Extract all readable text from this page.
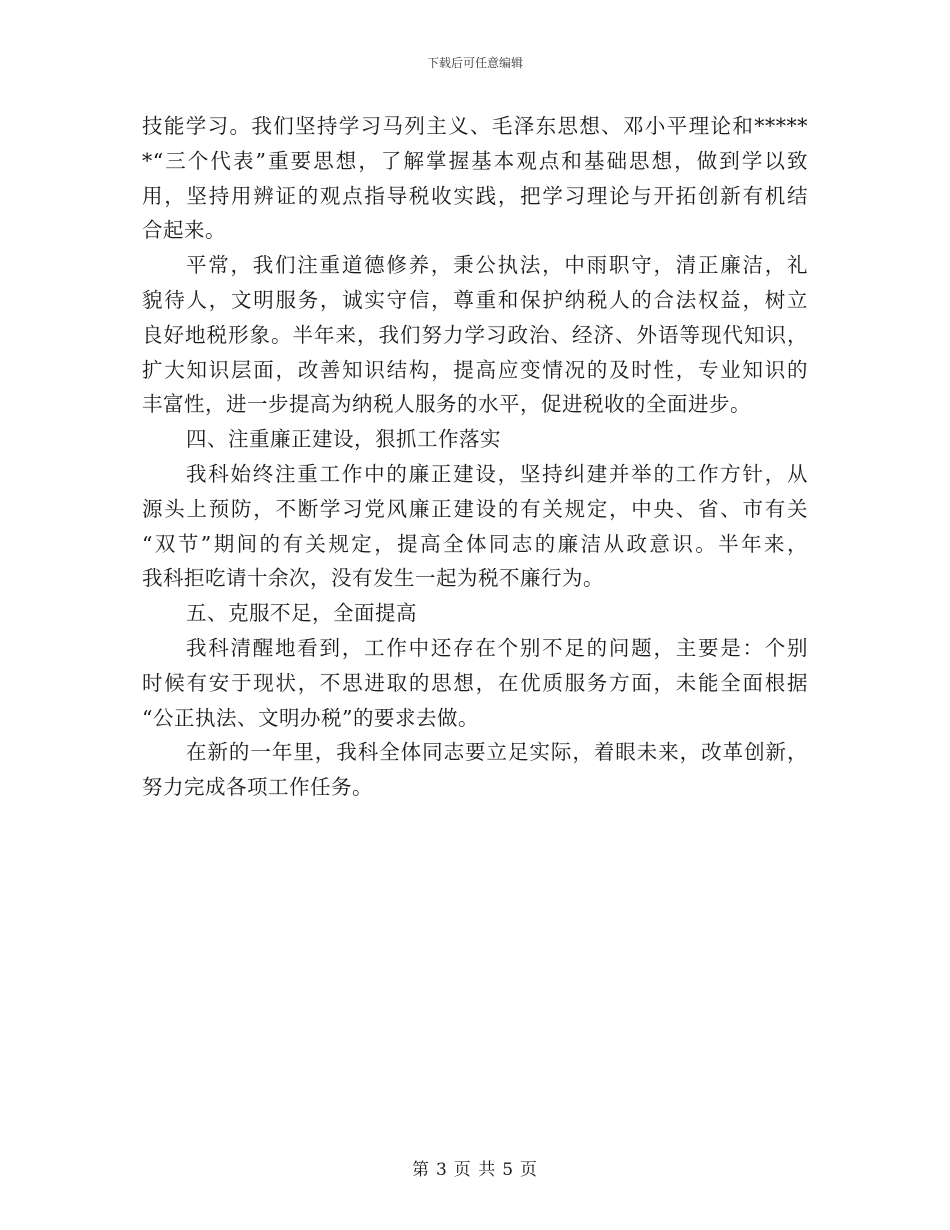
下载后可任意编辑
技能学习。我们坚持学习马列主义、毛泽东思想、邓小平理论和*****
*“三个代表”重要思想，了解掌握基本观点和基础思想，做到学以致
用，坚持用辨证的观点指导税收实践，把学习理论与开拓创新有机结
合起来。
平常，我们注重道德修养，秉公执法，中雨职守，清正廉洁，礼
貌待人，文明服务，诚实守信，尊重和保护纳税人的合法权益，树立
良好地税形象。半年来，我们努力学习政治、经济、外语等现代知识，
扩大知识层面，改善知识结构，提高应变情况的及时性，专业知识的
丰富性，进一步提高为纳税人服务的水平，促进税收的全面进步。
四、注重廉正建设，狠抓工作落实
我科始终注重工作中的廉正建设，坚持纠建并举的工作方针，从
源头上预防，不断学习党风廉正建设的有关规定，中央、省、市有关
“双节”期间的有关规定，提高全体同志的廉洁从政意识。半年来，
我科拒吃请十余次，没有发生一起为税不廉行为。
五、克服不足，全面提高
我科清醒地看到，工作中还存在个别不足的问题，主要是：个别
时候有安于现状，不思进取的思想，在优质服务方面，未能全面根据
“公正执法、文明办税”的要求去做。
在新的一年里，我科全体同志要立足实际，着眼未来，改革创新，
努力完成各项工作任务。
第 3 页 共 5 页
